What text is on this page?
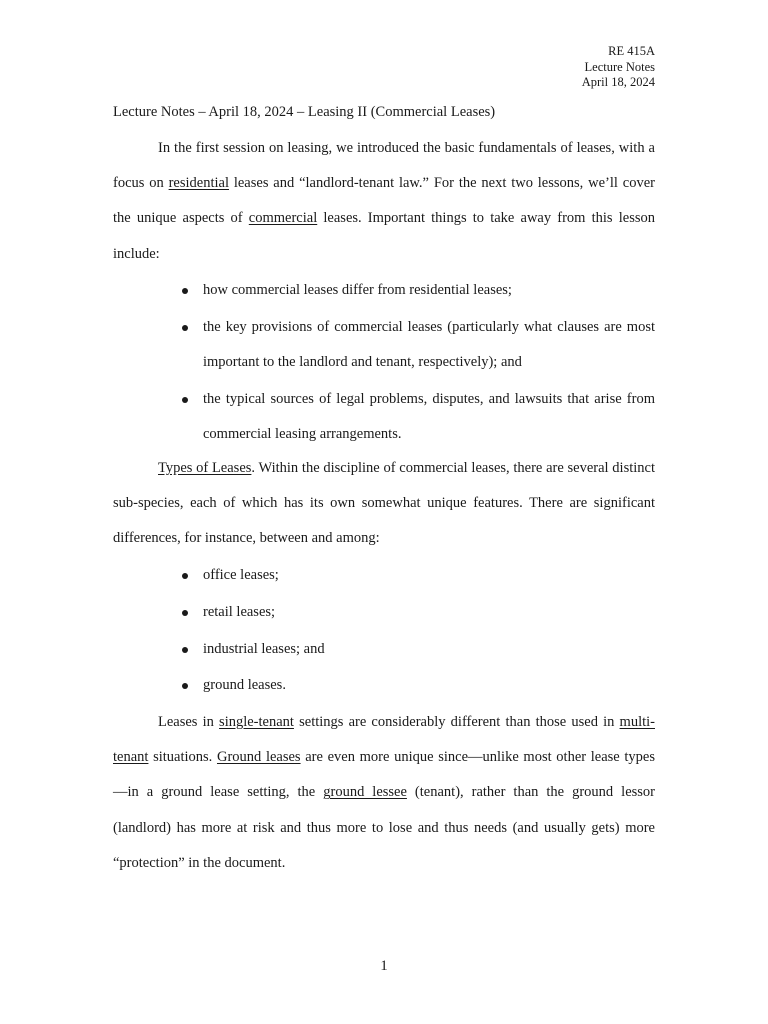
RE 415A
Lecture Notes
April 18, 2024
Lecture Notes – April 18, 2024 – Leasing II (Commercial Leases)

In the first session on leasing, we introduced the basic fundamentals of leases, with a focus on residential leases and “landlord-tenant law.” For the next two lessons, we’ll cover the unique aspects of commercial leases. Important things to take away from this lesson include:

how commercial leases differ from residential leases;
the key provisions of commercial leases (particularly what clauses are most important to the landlord and tenant, respectively); and
the typical sources of legal problems, disputes, and lawsuits that arise from commercial leasing arrangements.

Types of Leases. Within the discipline of commercial leases, there are several distinct sub-species, each of which has its own somewhat unique features. There are significant differences, for instance, between and among:

office leases;
retail leases;
industrial leases; and
ground leases.

Leases in single-tenant settings are considerably different than those used in multi-tenant situations. Ground leases are even more unique since—unlike most other lease types—in a ground lease setting, the ground lessee (tenant), rather than the ground lessor (landlord) has more at risk and thus more to lose and thus needs (and usually gets) more “protection” in the document.

1
